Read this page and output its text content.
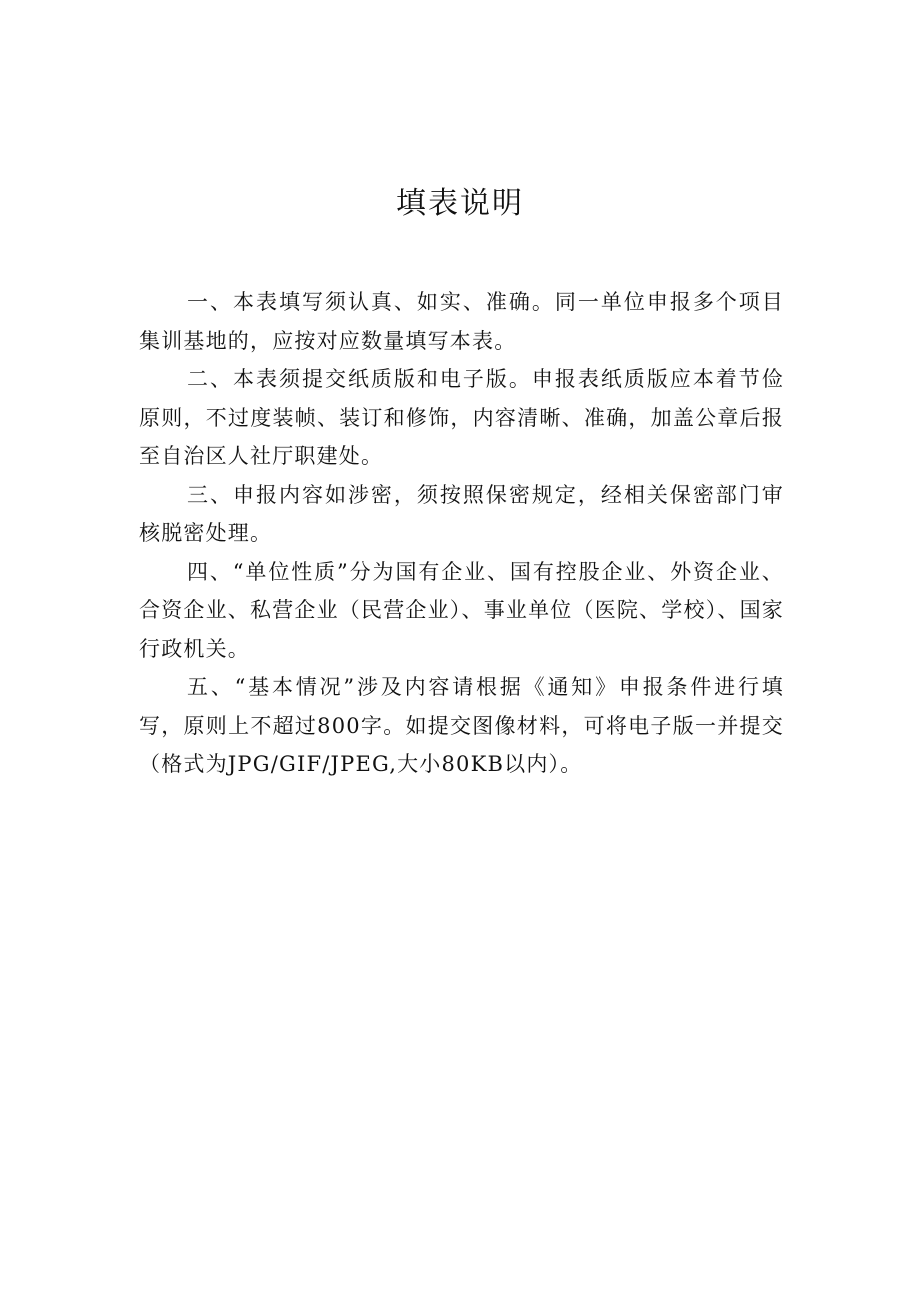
填表说明

一、本表填写须认真、如实、准确。同一单位申报多个项目集训基地的，应按对应数量填写本表。

二、本表须提交纸质版和电子版。申报表纸质版应本着节俭原则，不过度装帧、装订和修饰，内容清晰、准确，加盖公章后报至自治区人社厅职建处。

三、申报内容如涉密，须按照保密规定，经相关保密部门审核脱密处理。

四、“单位性质”分为国有企业、国有控股企业、外资企业、合资企业、私营企业（民营企业）、事业单位（医院、学校）、国家行政机关。

五、“基本情况”涉及内容请根据《通知》申报条件进行填写，原则上不超过800字。如提交图像材料，可将电子版一并提交（格式为JPG/GIF/JPEG,大小80KB以内）。
